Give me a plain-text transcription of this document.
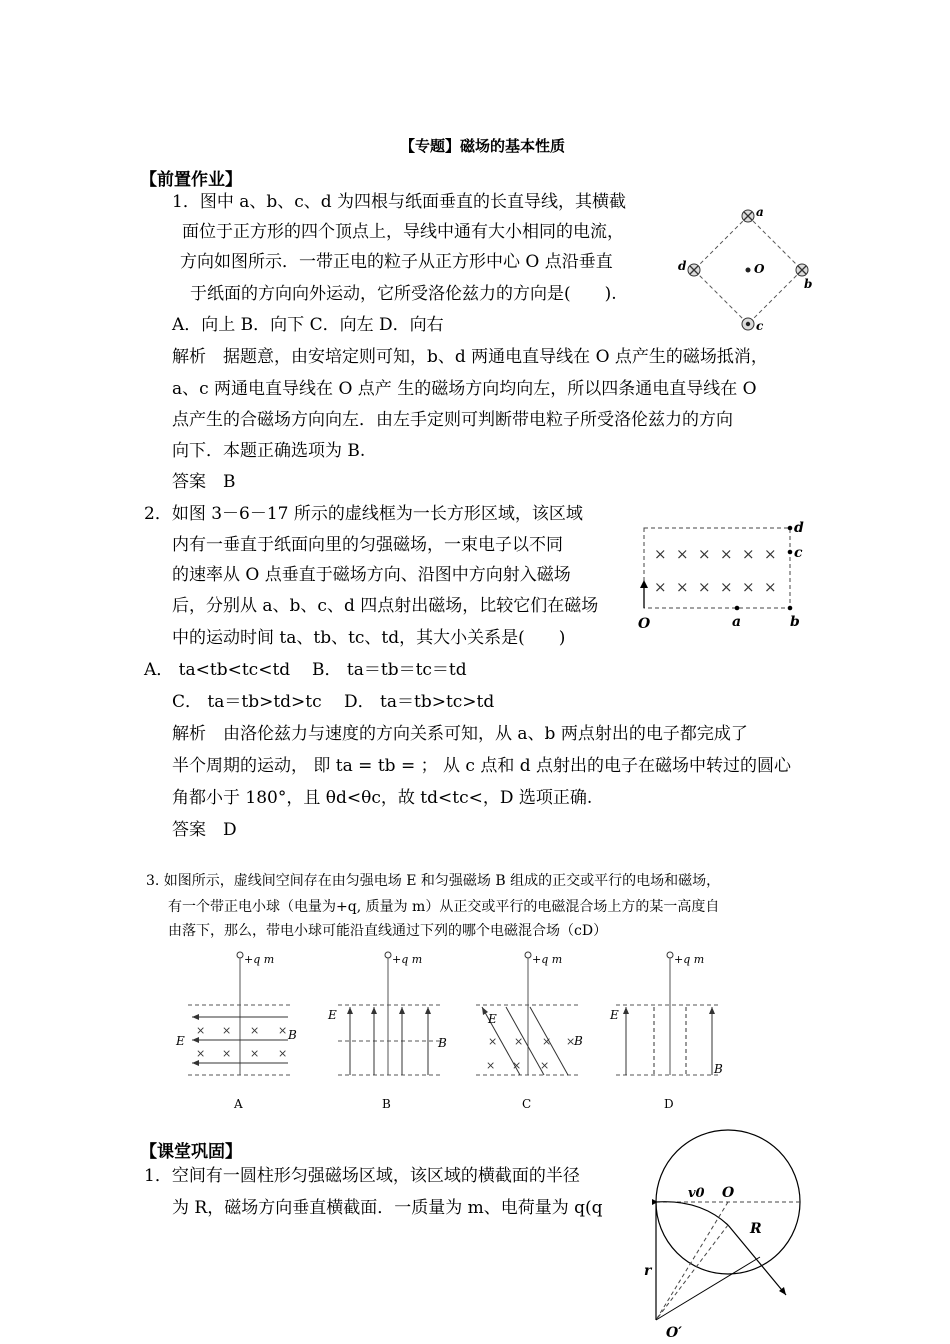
【专题】磁场的基本性质
【前置作业】
1．图中 a、b、c、d 为四根与纸面垂直的长直导线，其横截
面位于正方形的四个顶点上，导线中通有大小相同的电流，
方向如图所示．一带正电的粒子从正方形中心 O 点沿垂直
于纸面的方向向外运动，它所受洛伦兹力的方向是(　　).
A．向上 B．向下 C．向左 D．向右
解析　据题意，由安培定则可知，b、d 两通电直导线在 O 点产生的磁场抵消，
a、c 两通电直导线在 O 点产 生的磁场方向均向左，所以四条通电直导线在 O
点产生的合磁场方向向左．由左手定则可判断带电粒子所受洛伦兹力的方向
向下．本题正确选项为 B.
答案　B
a
b
c
d	O
2．如图 3－6－17 所示的虚线框为一长方形区域，该区域
内有一垂直于纸面向里的匀强磁场，一束电子以不同
的速率从 O 点垂直于磁场方向、沿图中方向射入磁场
后，分别从 a、b、c、d 四点射出磁场，比较它们在磁场
中的运动时间 ta、tb、tc、td，其大小关系是(　　)
A． ta<tb<tc<td B． ta＝tb＝tc＝td
C． ta＝tb>td>tc D． ta＝tb>tc>td
解析　由洛伦兹力与速度的方向关系可知，从 a、b 两点射出的电子都完成了
半个周期的运动， 即 ta = tb = ； 从 c 点和 d 点射出的电子在磁场中转过的圆心
角都小于 180°，且 θd<θc，故 td<tc<，D 选项正确.
答案　D
× × × × × ×
× × × × × ×
O	a	b
c
d
3. 如图所示，虚线间空间存在由匀强电场 E 和匀强磁场 B 组成的正交或平行的电场和磁场，
有一个带正电小球（电量为+q, 质量为 m）从正交或平行的电磁混合场上方的某一高度自
由落下，那么，带电小球可能沿直线通过下列的哪个电磁混合场（cD）
+q m
× × × ×
× × × ×
B
E
A
+q m
E
B
B
+q m
× × × ×
× × ×
E
B
C
+q m
E
B
D
【课堂巩固】
1．空间有一圆柱形匀强磁场区域，该区域的横截面的半径
为 R，磁场方向垂直横截面．一质量为 m、电荷量为 q(q
v0 O
R
r
O′
